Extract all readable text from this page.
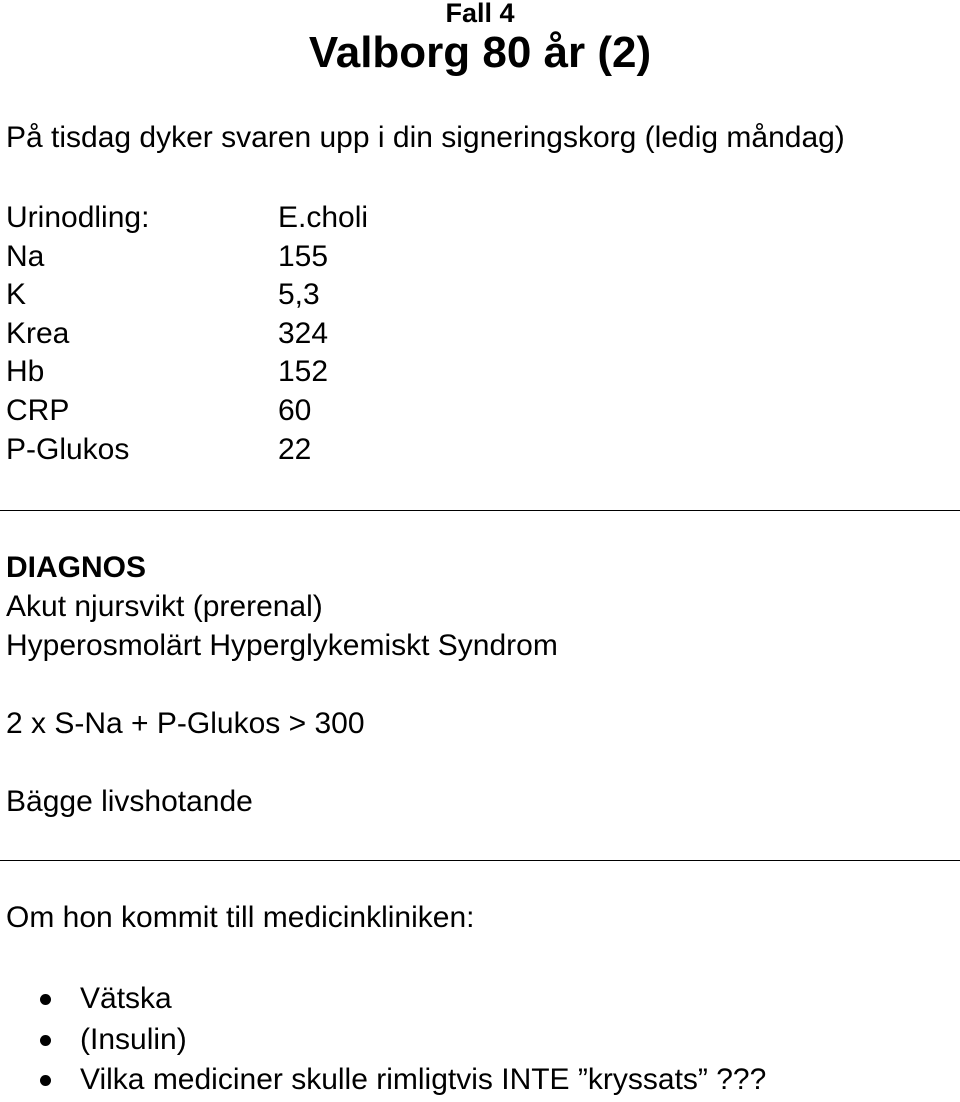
Fall 4
Valborg 80 år (2)
På tisdag dyker svaren upp i din signeringskorg (ledig måndag)
Urinodling:	E.choli
Na	155
K	5,3
Krea	324
Hb	152
CRP	60
P-Glukos	22
DIAGNOS
Akut njursvikt (prerenal)
Hyperosmolärt Hyperglykemiskt Syndrom
2 x S-Na + P-Glukos > 300
Bägge livshotande
Om hon kommit till medicinkliniken:
Vätska
(Insulin)
Vilka mediciner skulle rimligtvis INTE ”kryssats” ???
